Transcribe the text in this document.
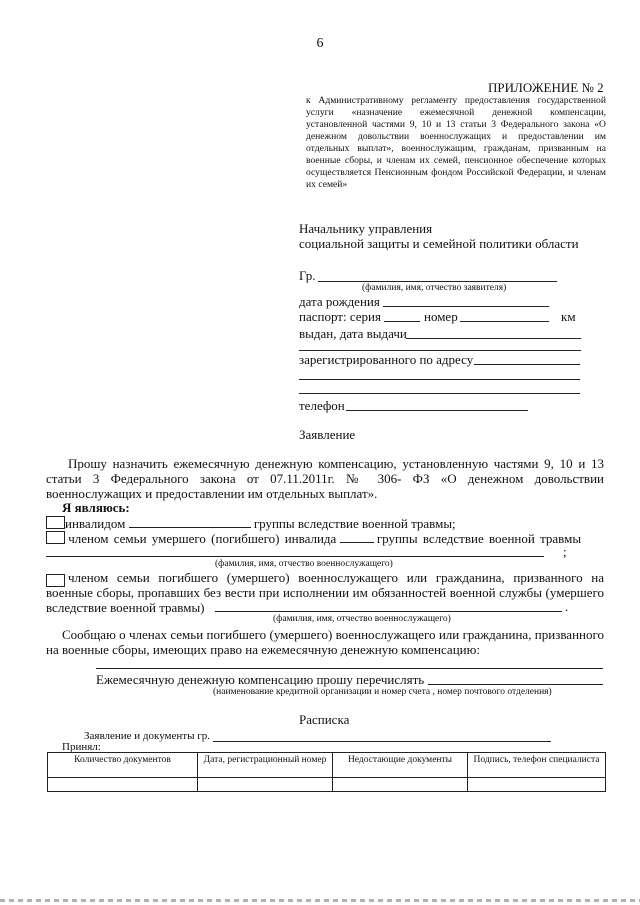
6
ПРИЛОЖЕНИЕ № 2
к Административному регламенту предоставления государственной услуги «назначение ежемесячной денежной компенсации, установленной частями 9, 10 и 13 статьи 3 Федерального закона «О денежном довольствии военнослужащих и предоставлении им отдельных выплат», военнослужащим, гражданам, призванным на военные сборы, и членам их семей, пенсионное обеспечение которых осуществляется Пенсионным фондом Российской Федерации, и членам их семей»
Начальнику управления
социальной защиты и семейной политики области
Гр.
(фамилия, имя, отчество заявителя)
дата рождения
паспорт: серия	номер	км
выдан, дата выдачи
зарегистрированного по адресу
телефон
Заявление
Прошу назначить ежемесячную денежную компенсацию, установленную частями 9, 10 и 13 статьи 3 Федерального закона от 07.11.2011г. № 306- ФЗ «О денежном довольствии военнослужащих и предоставлении им отдельных выплат».
Я являюсь:
инвалидом	группы вследствие военной травмы;
членом семьи умершего (погибшего) инвалида	группы вследствие военной травмы
;
(фамилия, имя, отчество военнослужащего)
членом семьи погибшего (умершего) военнослужащего или гражданина, призванного на военные сборы, пропавших без вести при исполнении им обязанностей военной службы (умершего вследствие военной травмы)	.
(фамилия, имя, отчество военнослужащего)
Сообщаю о членах семьи погибшего (умершего) военнослужащего или гражданина, призванного на военные сборы, имеющих право на ежемесячную денежную компенсацию:
Ежемесячную денежную компенсацию прошу перечислять
(наименование кредитной организации и номер счета , номер почтового отделения)
Расписка
Заявление и документы гр.
Принял:
Количество документов	Дата, регистрационный номер	Недостающие документы	Подпись, телефон специалиста
